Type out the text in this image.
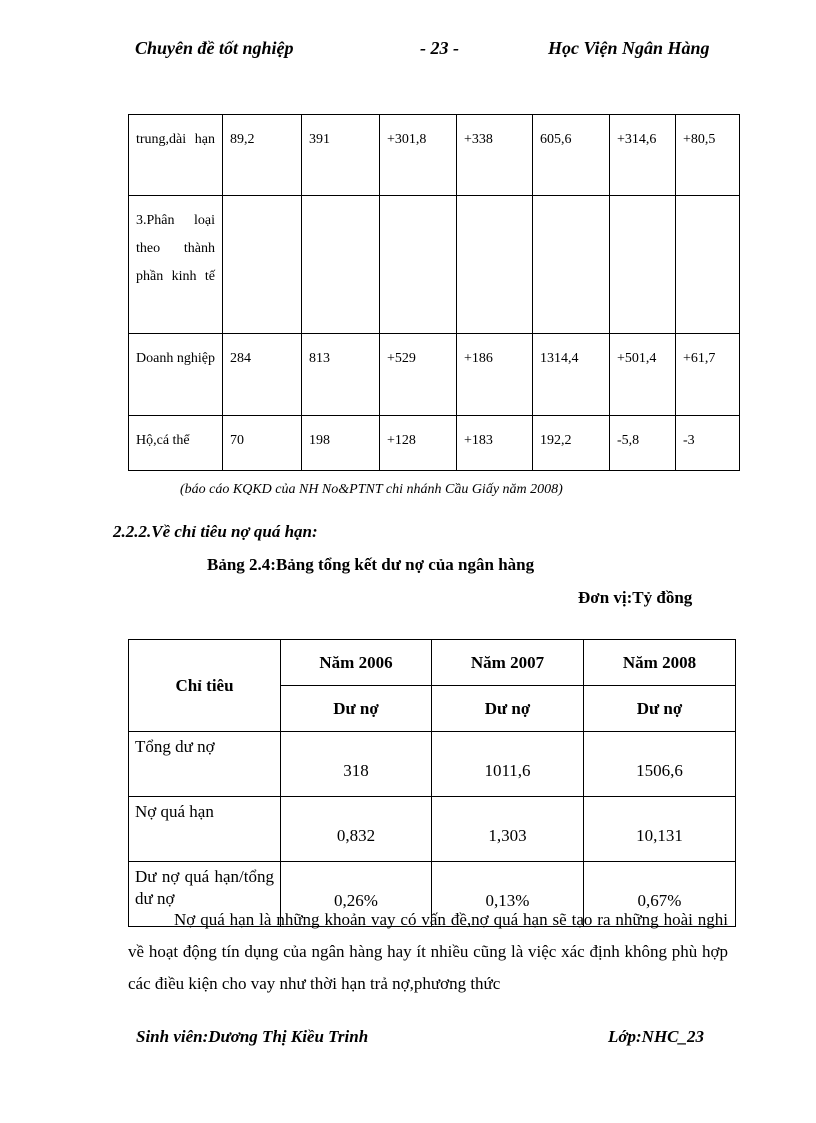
Chuyên đề tốt nghiệp	- 23 -	Học Viện Ngân Hàng
trung,dài hạn	89,2	391	+301,8	+338	605,6	+314,6	+80,5
3.Phân loại theo thành phần kinh tế							
Doanh nghiệp	284	813	+529	+186	1314,4	+501,4	+61,7
Hộ,cá thể	70	198	+128	+183	192,2	-5,8	-3
(báo cáo KQKD của NH No&PTNT chi nhánh Cầu Giấy năm 2008)
2.2.2.Về chỉ tiêu nợ quá hạn:
Bảng 2.4:Bảng tổng kết dư nợ của ngân hàng
Đơn vị:Tỷ đồng
Chỉ tiêu	Năm 2006	Năm 2007	Năm 2008
	Dư nợ	Dư nợ	Dư nợ
Tổng dư nợ	318	1011,6	1506,6
Nợ quá hạn	0,832	1,303	10,131
Dư nợ quá hạn/tổng dư nợ	0,26%	0,13%	0,67%

Nợ quá hạn là những khoản vay có vấn đề,nợ quá hạn sẽ tạo ra những hoài nghi về hoạt động tín dụng của ngân hàng hay ít nhiều cũng là việc xác định không phù hợp các điều kiện cho vay như thời hạn trả nợ,phương thức

Sinh viên:Dương Thị Kiều Trinh	Lớp:NHC_23
